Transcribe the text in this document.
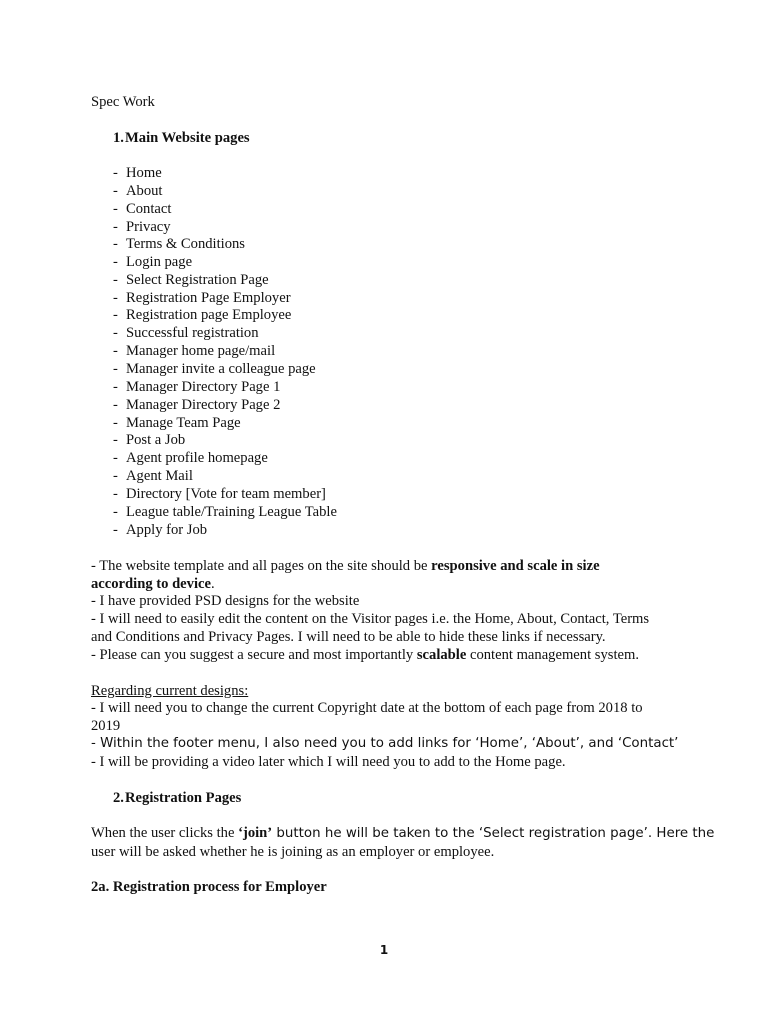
Spec Work
1.Main Website pages
- Home
- About
- Contact
- Privacy
- Terms & Conditions
- Login page
- Select Registration Page
- Registration Page Employer
- Registration page Employee
- Successful registration
- Manager home page/mail
- Manager invite a colleague page
- Manager Directory Page 1
- Manager Directory Page 2
- Manage Team Page
- Post a Job
- Agent profile homepage
- Agent Mail
- Directory [Vote for team member]
- League table/Training League Table
- Apply for Job
- The website template and all pages on the site should be responsive and scale in size
according to device.
- I have provided PSD designs for the website
- I will need to easily edit the content on the Visitor pages i.e. the Home, About, Contact, Terms
and Conditions and Privacy Pages. I will need to be able to hide these links if necessary.
- Please can you suggest a secure and most importantly scalable content management system.
Regarding current designs:
- I will need you to change the current Copyright date at the bottom of each page from 2018 to
2019
- Within the footer menu, I also need you to add links for ‘Home’, ‘About’, and ‘Contact’
- I will be providing a video later which I will need you to add to the Home page.
2.Registration Pages
When the user clicks the ‘join’ button he will be taken to the ‘Select registration page’. Here the
user will be asked whether he is joining as an employer or employee.
2a. Registration process for Employer
1
